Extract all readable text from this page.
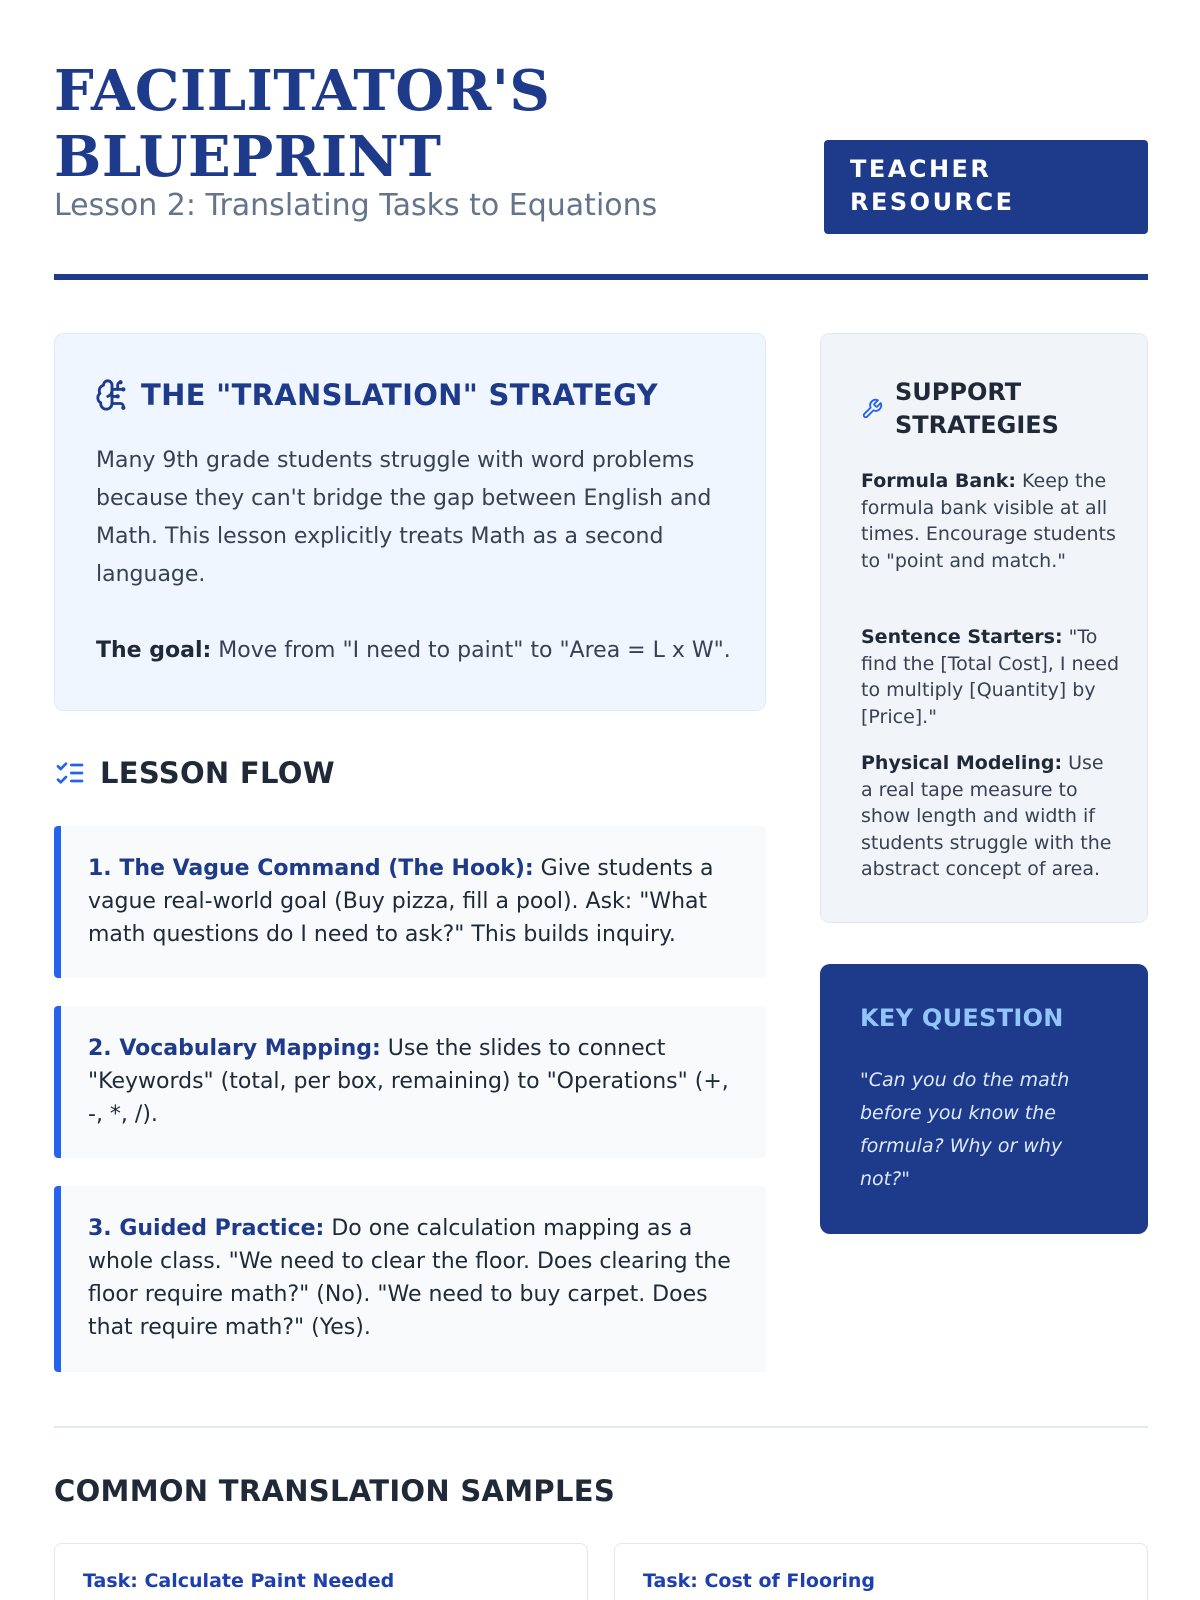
FACILITATOR'S
BLUEPRINT
Lesson 2: Translating Tasks to Equations
TEACHER
RESOURCE
THE "TRANSLATION" STRATEGY

Many 9th grade students struggle with word problems because they can't bridge the gap between English and Math. This lesson explicitly treats Math as a second language.

The goal: Move from "I need to paint" to "Area = L x W".

LESSON FLOW
1. The Vague Command (The Hook): Give students a vague real-world goal (Buy pizza, fill a pool). Ask: "What math questions do I need to ask?" This builds inquiry.
2. Vocabulary Mapping: Use the slides to connect "Keywords" (total, per box, remaining) to "Operations" (+, -, *, /).
3. Guided Practice: Do one calculation mapping as a whole class. "We need to clear the floor. Does clearing the floor require math?" (No). "We need to buy carpet. Does that require math?" (Yes).
SUPPORT
STRATEGIES

Formula Bank: Keep the formula bank visible at all times. Encourage students to "point and match."

Sentence Starters: "To find the [Total Cost], I need to multiply [Quantity] by [Price]."

Physical Modeling: Use a real tape measure to show length and width if students struggle with the abstract concept of area.

KEY QUESTION

"Can you do the math before you know the formula? Why or why not?"

COMMON TRANSLATION SAMPLES
Task: Calculate Paint Needed	Task: Cost of Flooring
